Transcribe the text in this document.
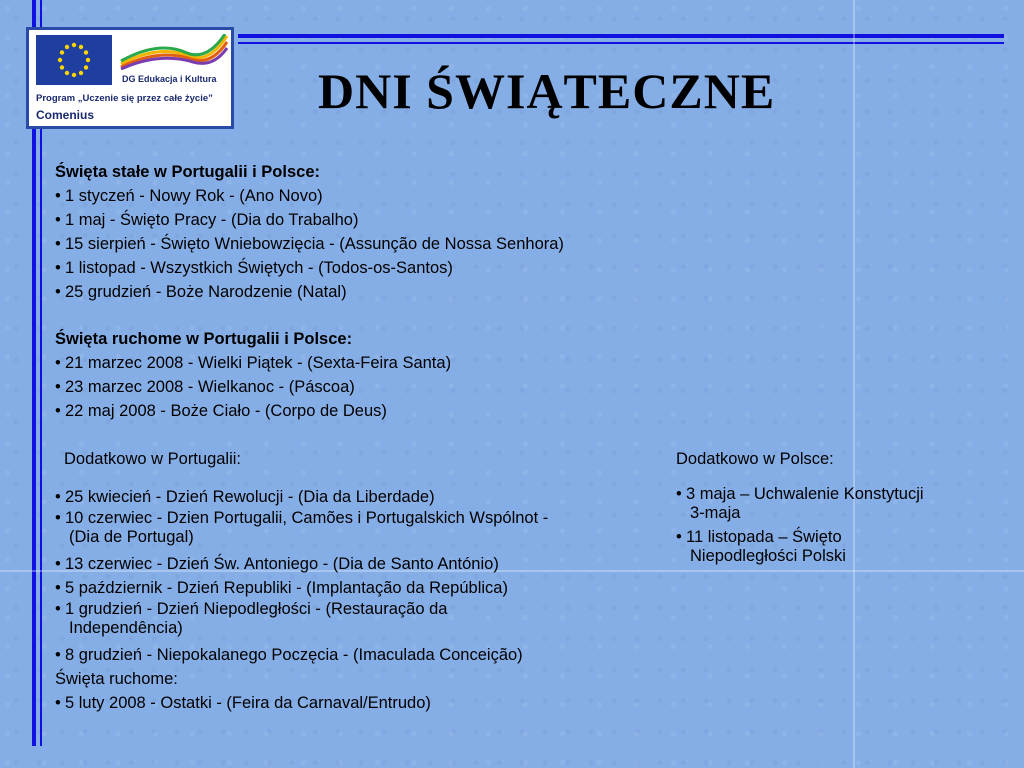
DG Edukacja i Kultura
Program „Uczenie się przez całe życie”
Comenius	DNI ŚWIĄTECZNE
Święta stałe w Portugalii i Polsce:
• 1 styczeń - Nowy Rok - (Ano Novo)
• 1 maj - Święto Pracy - (Dia do Trabalho)
• 15 sierpień - Święto Wniebowzięcia - (Assunção de Nossa Senhora)
• 1 listopad - Wszystkich Świętych - (Todos-os-Santos)
• 25 grudzień - Boże Narodzenie (Natal)
Święta ruchome w Portugalii i Polsce:
• 21 marzec 2008 - Wielki Piątek - (Sexta-Feira Santa)
• 23 marzec 2008 - Wielkanoc - (Páscoa)
• 22 maj 2008 - Boże Ciało - (Corpo de Deus)
Dodatkowo w Portugalii:
• 25 kwiecień - Dzień Rewolucji - (Dia da Liberdade)
• 10 czerwiec - Dzien Portugalii, Camões i Portugalskich Wspólnot -
(Dia de Portugal)
• 13 czerwiec - Dzień Św. Antoniego - (Dia de Santo António)
• 5 październik - Dzień Republiki - (Implantação da República)
• 1 grudzień - Dzień Niepodległości - (Restauração da
Independência)
• 8 grudzień - Niepokalanego Poczęcia - (Imaculada Conceição)
Święta ruchome:
• 5 luty 2008 - Ostatki - (Feira da Carnaval/Entrudo)
Dodatkowo w Polsce:
• 3 maja – Uchwalenie Konstytucji
3-maja
• 11 listopada – Święto
Niepodległości Polski
